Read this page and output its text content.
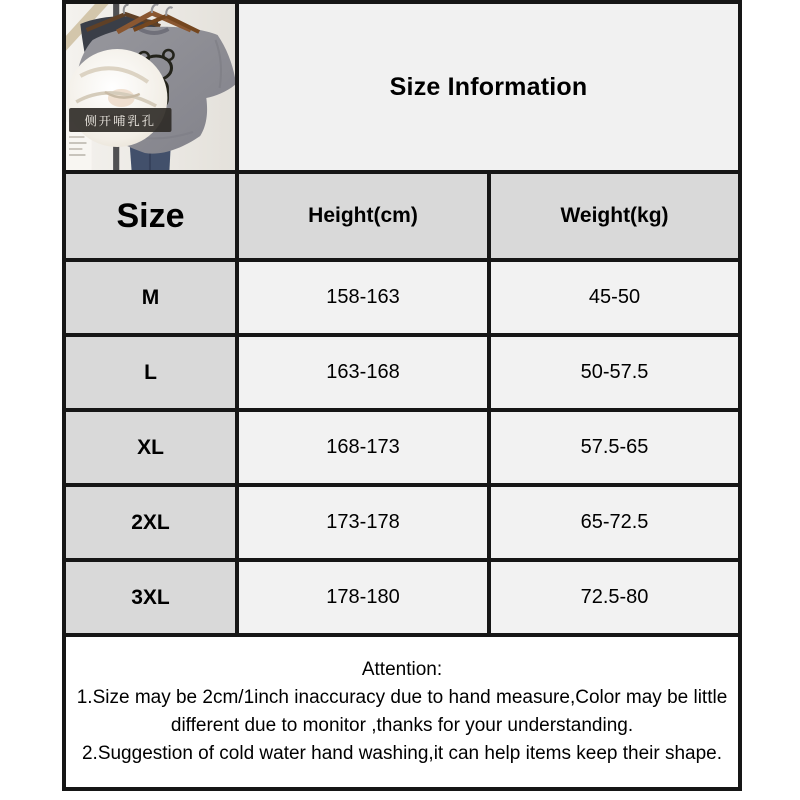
侧开哺乳孔	Size Information	
Size	Height(cm)	Weight(kg)
M	158-163	45-50
L	163-168	50-57.5
XL	168-173	57.5-65
2XL	173-178	65-72.5
3XL	178-180	72.5-80

Attention:
1.Size may be 2cm/1inch inaccuracy due to hand measure,Color may be little different due to monitor ,thanks for your understanding.
2.Suggestion of cold water hand washing,it can help items keep their shape.		
